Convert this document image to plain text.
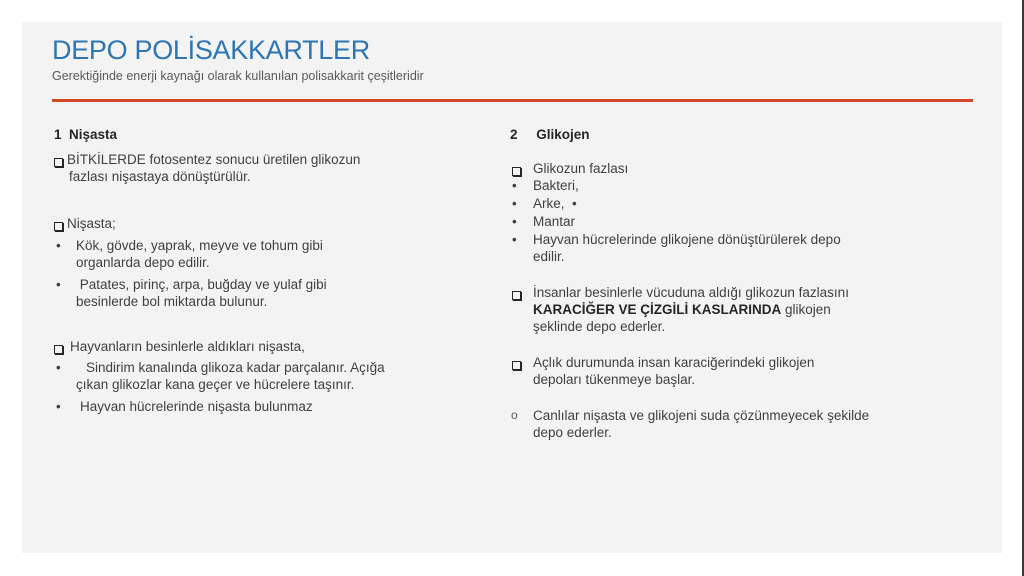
DEPO POLİSAKKARTLER
Gerektiğinde enerji kaynağı olarak kullanılan polisakkarit çeşitleridir
1 Nişasta
BİTKİLERDE fotosentez sonucu üretilen glikozun
fazlası nişastaya dönüştürülür.
Nişasta;
• Kök, gövde, yaprak, meyve ve tohum gibi
organlarda depo edilir.
• Patates, pirinç, arpa, buğday ve yulaf gibi
besinlerde bol miktarda bulunur.
Hayvanların besinlerle aldıkları nişasta,
•	Sindirim kanalında glikoza kadar parçalanır. Açığa
çıkan glikozlar kana geçer ve hücrelere taşınır.
• Hayvan hücrelerinde nişasta bulunmaz
2 Glikojen
Glikozun fazlası
• Bakteri,
• Arke,  •
• Mantar
• Hayvan hücrelerinde glikojene dönüştürülerek depo
edilir.
İnsanlar besinlerle vücuduna aldığı glikozun fazlasını
KARACİĞER VE ÇİZGİLİ KASLARINDA glikojen
şeklinde depo ederler.
Açlık durumunda insan karaciğerindeki glikojen
depoları tükenmeye başlar.
o Canlılar nişasta ve glikojeni suda çözünmeyecek şekilde
depo ederler.
